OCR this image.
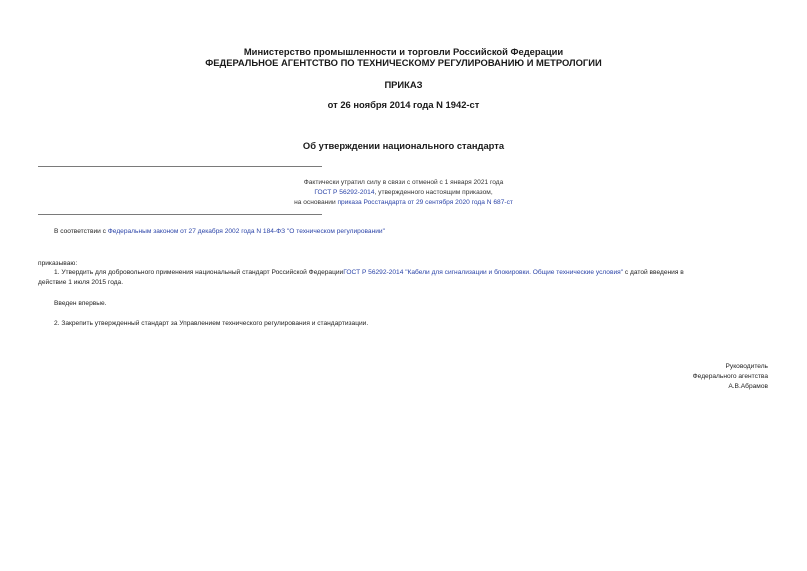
Министерство промышленности и торговли Российской Федерации
ФЕДЕРАЛЬНОЕ АГЕНТСТВО ПО ТЕХНИЧЕСКОМУ РЕГУЛИРОВАНИЮ И МЕТРОЛОГИИ
ПРИКАЗ
от 26 ноября 2014 года N 1942-ст
Об утверждении национального стандарта
Фактически утратил силу в связи с отменой с 1 января 2021 года
ГОСТ Р 56292-2014, утвержденного настоящим приказом,
на основании приказа Росстандарта от 29 сентября 2020 года N 687-ст
В соответствии с Федеральным законом от 27 декабря 2002 года N 184-ФЗ "О техническом регулировании"
приказываю:
1. Утвердить для добровольного применения национальный стандарт Российской ФедерацииГОСТ Р 56292-2014 "Кабели для сигнализации и блокировки. Общие технические условия" с датой введения в
действие 1 июля 2015 года.
Введен впервые.
2. Закрепить утвержденный стандарт за Управлением технического регулирования и стандартизации.
Руководитель
Федерального агентства
А.В.Абрамов
